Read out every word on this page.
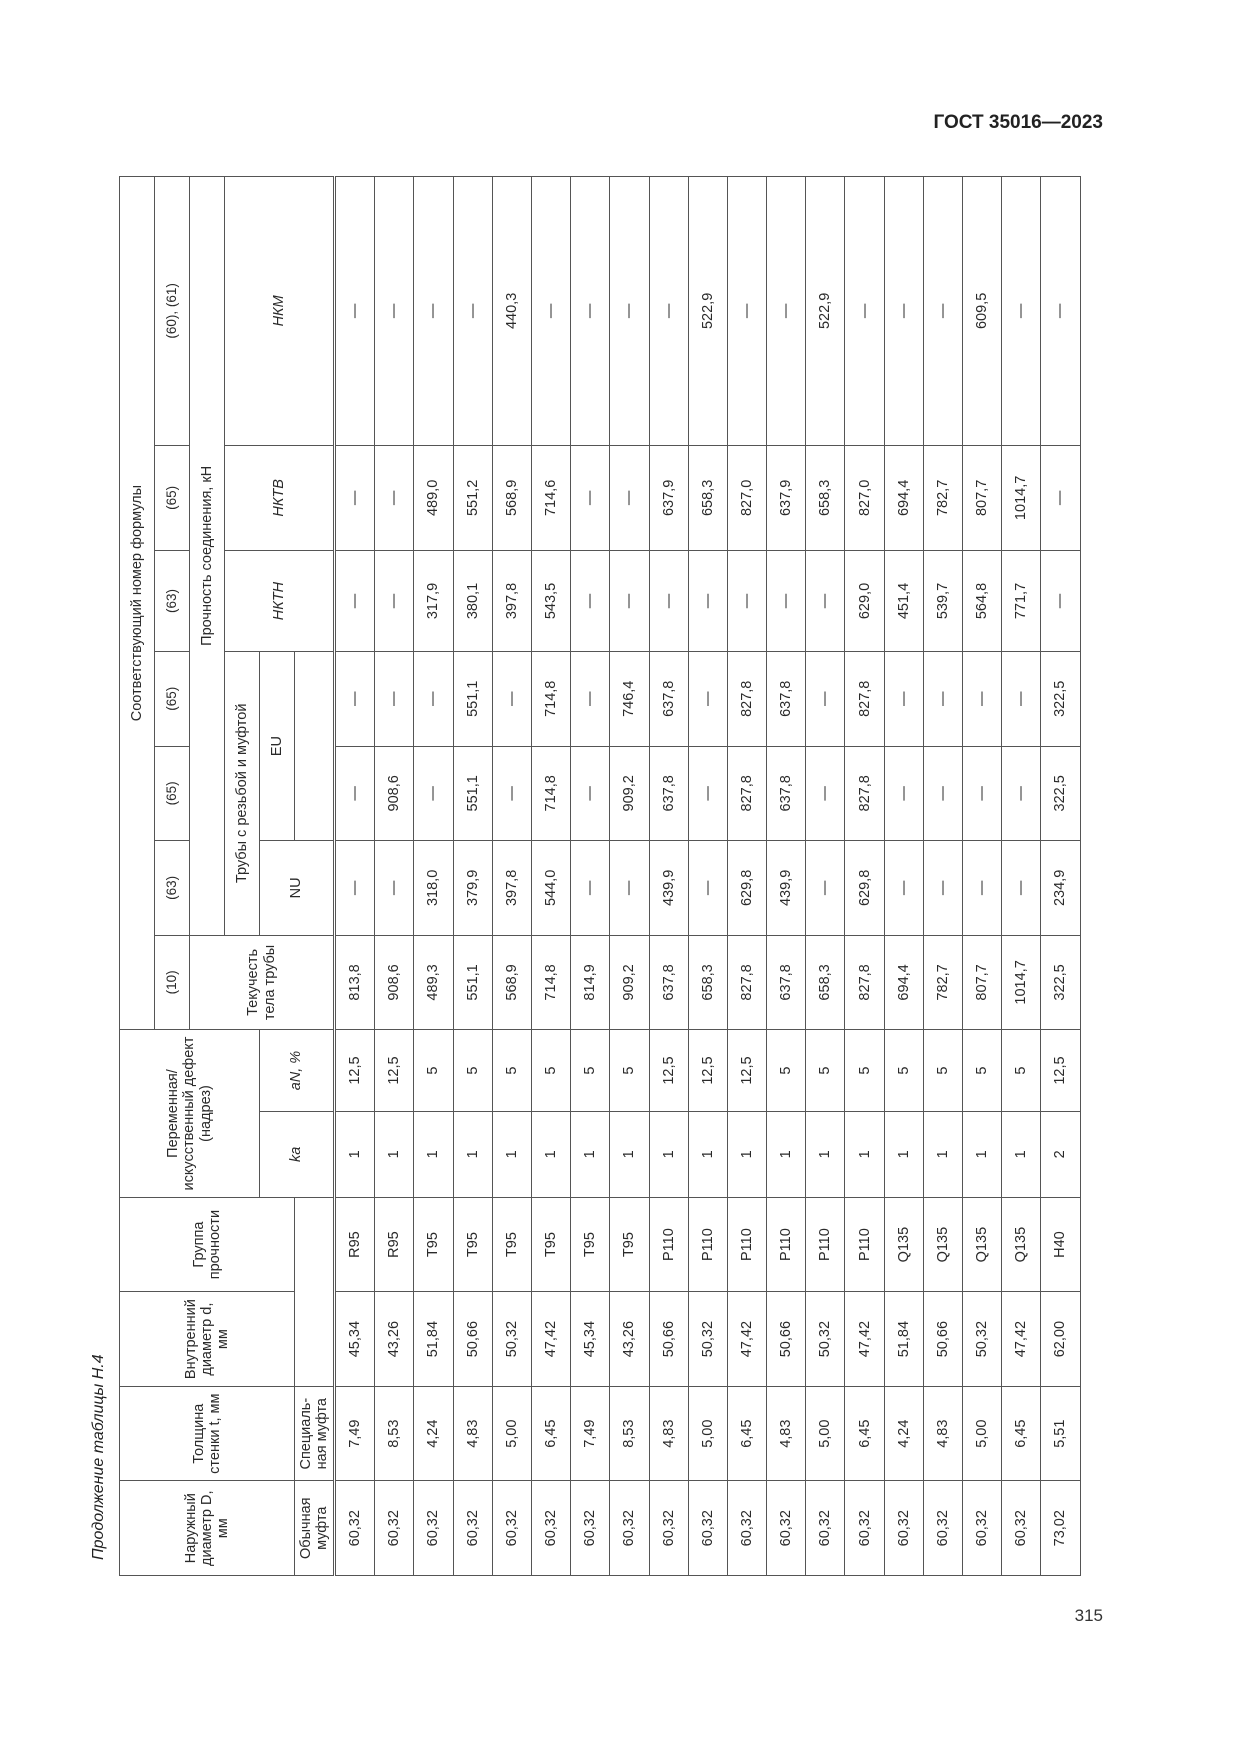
ГОСТ 35016—2023
Продолжение таблицы Н.4
315
Наружный диаметр D, мм	Толщина стенки t, мм	Внутренний диаметр d, мм	Группа прочности	Переменная/ искусственный дефект (надрез)		Соответствующий номер формулы						
						(10)	(63)	(65)	(65)	(63)	(65)	(60), (61)
						Текучесть тела трубы	Прочность соединения, кН					
							Трубы с резьбой и муфтой			НКТН	НКТВ	НКМ
				kа	aN, %		NU	EU				
Обычная муфта	Специаль-ная муфта											
60,32	7,49	45,34	R95	1	12,5	813,8	—	—	—	—	—	—
60,32	8,53	43,26	R95	1	12,5	908,6	—	908,6	—	—	—	—
60,32	4,24	51,84	T95	1	5	489,3	318,0	—	—	317,9	489,0	—
60,32	4,83	50,66	T95	1	5	551,1	379,9	551,1	551,1	380,1	551,2	—
60,32	5,00	50,32	T95	1	5	568,9	397,8	—	—	397,8	568,9	440,3
60,32	6,45	47,42	T95	1	5	714,8	544,0	714,8	714,8	543,5	714,6	—
60,32	7,49	45,34	T95	1	5	814,9	—	—	—	—	—	—
60,32	8,53	43,26	T95	1	5	909,2	—	909,2	746,4	—	—	—
60,32	4,83	50,66	P110	1	12,5	637,8	439,9	637,8	637,8	—	637,9	—
60,32	5,00	50,32	P110	1	12,5	658,3	—	—	—	—	658,3	522,9
60,32	6,45	47,42	P110	1	12,5	827,8	629,8	827,8	827,8	—	827,0	—
60,32	4,83	50,66	P110	1	5	637,8	439,9	637,8	637,8	—	637,9	—
60,32	5,00	50,32	P110	1	5	658,3	—	—	—	—	658,3	522,9
60,32	6,45	47,42	P110	1	5	827,8	629,8	827,8	827,8	629,0	827,0	—
60,32	4,24	51,84	Q135	1	5	694,4	—	—	—	451,4	694,4	—
60,32	4,83	50,66	Q135	1	5	782,7	—	—	—	539,7	782,7	—
60,32	5,00	50,32	Q135	1	5	807,7	—	—	—	564,8	807,7	609,5
60,32	6,45	47,42	Q135	1	5	1014,7	—	—	—	771,7	1014,7	—
73,02	5,51	62,00	H40	2	12,5	322,5	234,9	322,5	322,5	—	—	—
